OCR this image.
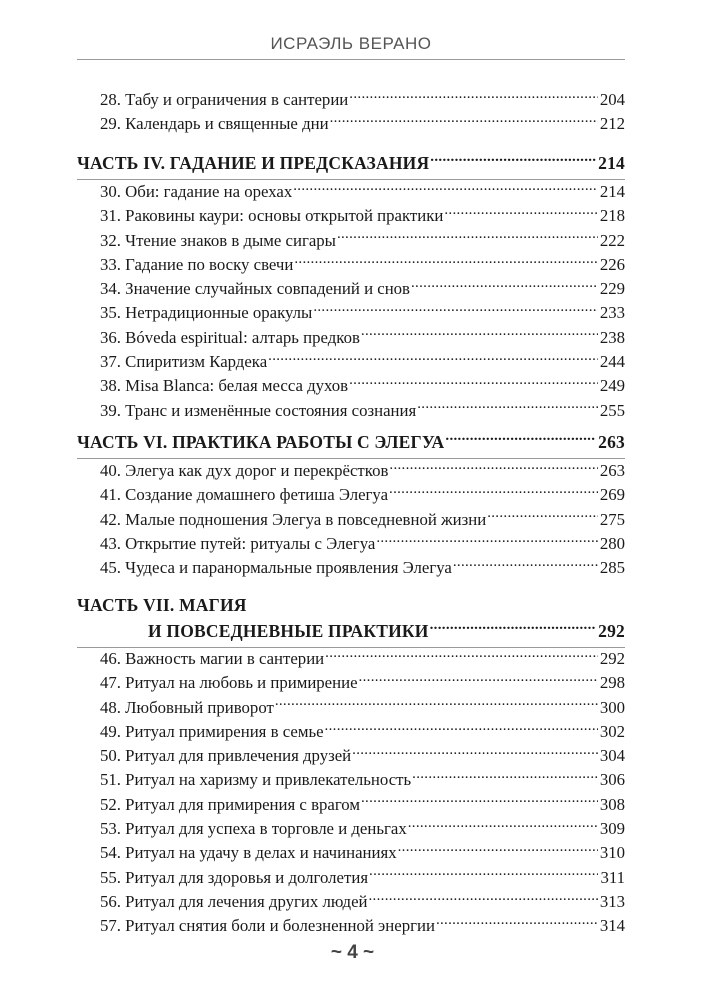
ИСРАЭЛЬ ВЕРАНО
28. Табу и ограничения в сантерии .....	204
29. Календарь и священные дни .....	212
ЧАСТЬ IV. ГАДАНИЕ И ПРЕДСКАЗАНИЯ .....	214
30. Оби: гадание на орехах .....	214
31. Раковины каури: основы открытой практики .....	218
32. Чтение знаков в дыме сигары .....	222
33. Гадание по воску свечи .....	226
34. Значение случайных совпадений и снов .....	229
35. Нетрадиционные оракулы .....	233
36. Bóveda espiritual: алтарь предков .....	238
37. Спиритизм Кардека .....	244
38. Misa Blanca: белая месса духов .....	249
39. Транс и изменённые состояния сознания .....	255
ЧАСТЬ VI. ПРАКТИКА РАБОТЫ С ЭЛЕГУА .....	263
40. Элегуа как дух дорог и перекрёстков .....	263
41. Создание домашнего фетиша Элегуа .....	269
42. Малые подношения Элегуа в повседневной жизни .....	275
43. Открытие путей: ритуалы с Элегуа .....	280
45. Чудеса и паранормальные проявления Элегуа .....	285
ЧАСТЬ VII. МАГИЯ
И ПОВСЕДНЕВНЫЕ ПРАКТИКИ .....	292
46. Важность магии в сантерии .....	292
47. Ритуал на любовь и примирение .....	298
48. Любовный приворот .....	300
49. Ритуал примирения в семье .....	302
50. Ритуал для привлечения друзей .....	304
51. Ритуал на харизму и привлекательность .....	306
52. Ритуал для примирения с врагом .....	308
53. Ритуал для успеха в торговле и деньгах .....	309
54. Ритуал на удачу в делах и начинаниях .....	310
55. Ритуал для здоровья и долголетия .....	311
56. Ритуал для лечения других людей .....	313
57. Ритуал снятия боли и болезненной энергии .....	314
~ 4 ~
